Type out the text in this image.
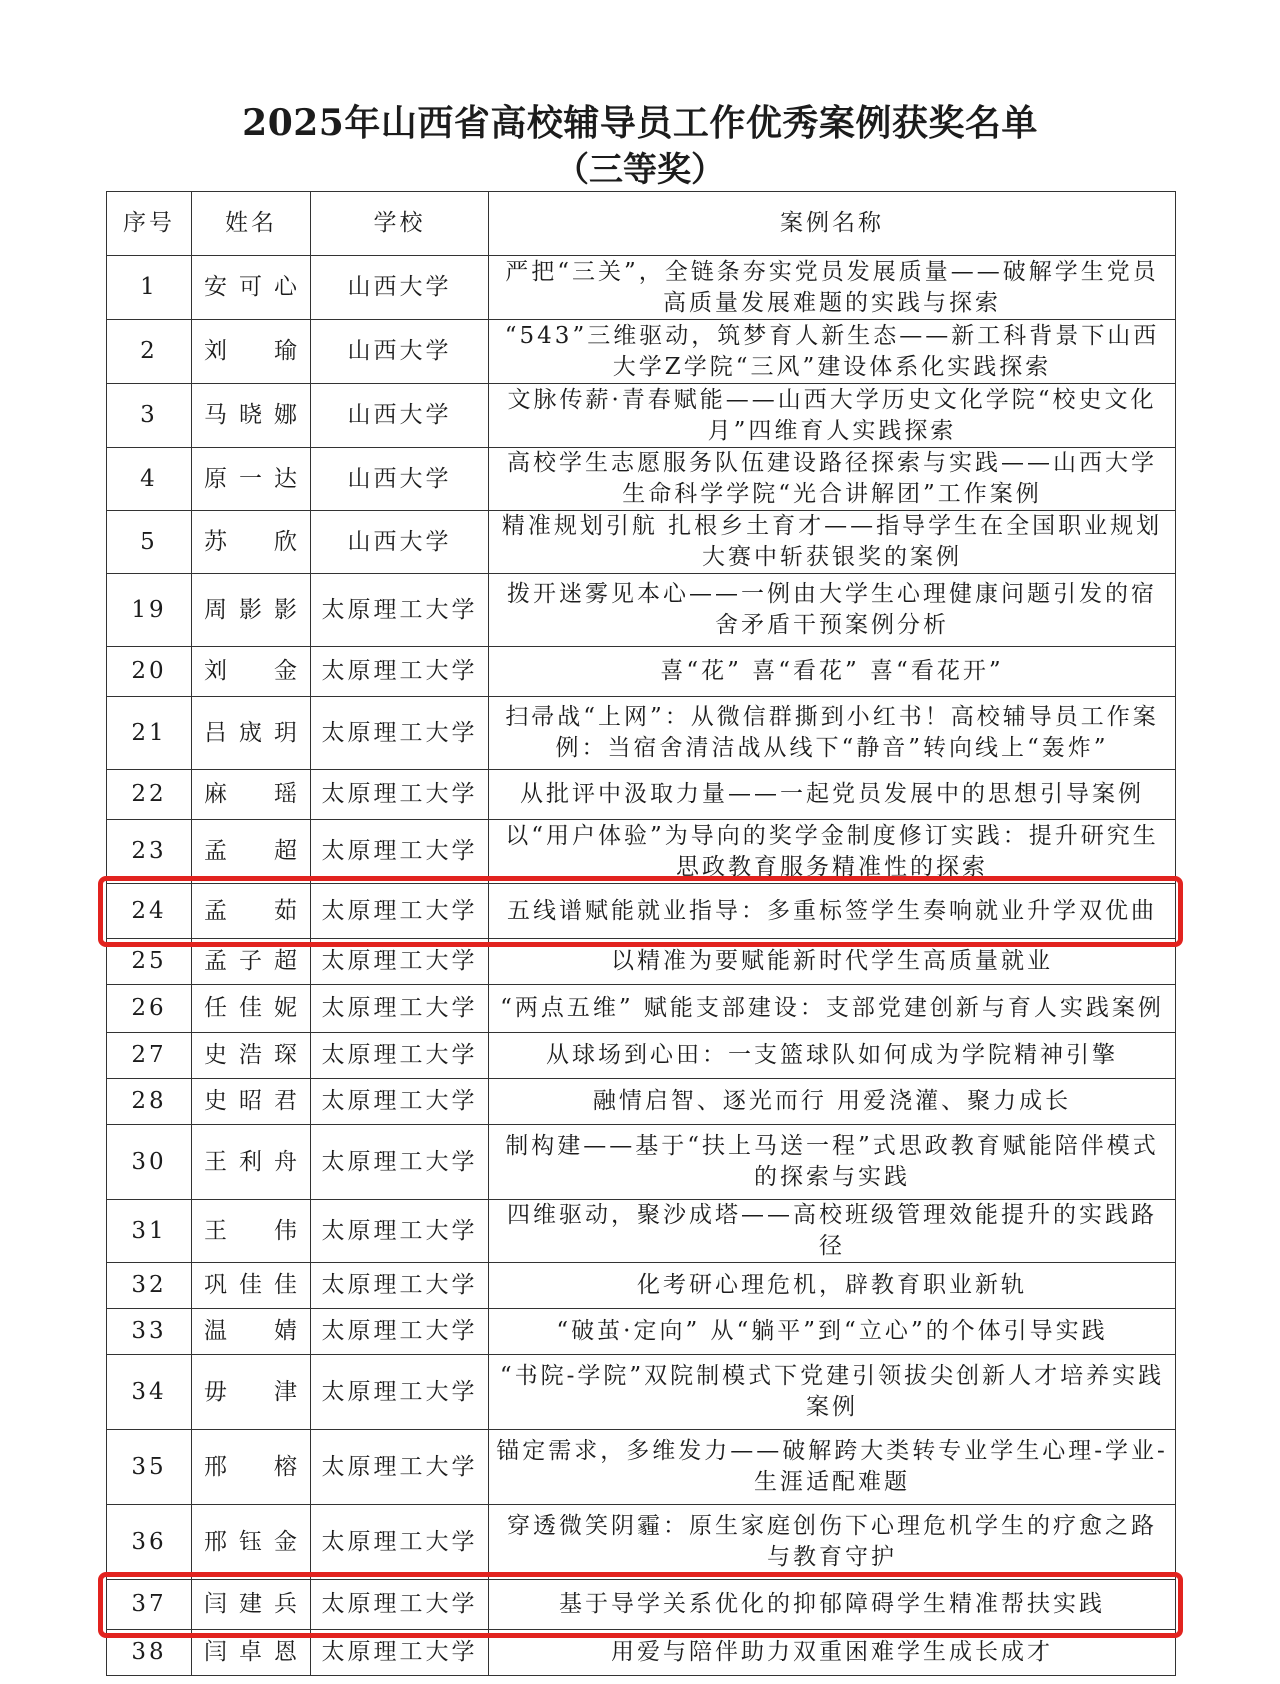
2025年山西省高校辅导员工作优秀案例获奖名单
（三等奖）
序号	姓名	学校	案例名称
1	安可心	山西大学	严把“三关”，全链条夯实党员发展质量——破解学生党员高质量发展难题的实践与探索
2	刘瑜	山西大学	“543”三维驱动，筑梦育人新生态——新工科背景下山西大学Z学院“三风”建设体系化实践探索
3	马晓娜	山西大学	文脉传薪·青春赋能——山西大学历史文化学院“校史文化月”四维育人实践探索
4	原一达	山西大学	高校学生志愿服务队伍建设路径探索与实践——山西大学生命科学学院“光合讲解团”工作案例
5	苏欣	山西大学	精准规划引航 扎根乡土育才——指导学生在全国职业规划大赛中斩获银奖的案例
19	周影影	太原理工大学	拨开迷雾见本心——一例由大学生心理健康问题引发的宿舍矛盾干预案例分析
20	刘金	太原理工大学	喜“花” 喜“看花” 喜“看花开”
21	吕宬玥	太原理工大学	扫帚战“上网”：从微信群撕到小红书！高校辅导员工作案例：当宿舍清洁战从线下“静音”转向线上“轰炸”
22	麻瑶	太原理工大学	从批评中汲取力量——一起党员发展中的思想引导案例
23	孟超	太原理工大学	以“用户体验”为导向的奖学金制度修订实践：提升研究生思政教育服务精准性的探索
24	孟茹	太原理工大学	五线谱赋能就业指导：多重标签学生奏响就业升学双优曲
25	孟子超	太原理工大学	以精准为要赋能新时代学生高质量就业
26	任佳妮	太原理工大学	“两点五维” 赋能支部建设：支部党建创新与育人实践案例
27	史浩琛	太原理工大学	从球场到心田：一支篮球队如何成为学院精神引擎
28	史昭君	太原理工大学	融情启智、逐光而行 用爱浇灌、聚力成长
30	王利舟	太原理工大学	制构建——基于“扶上马送一程”式思政教育赋能陪伴模式的探索与实践
31	王伟	太原理工大学	四维驱动，聚沙成塔——高校班级管理效能提升的实践路径
32	巩佳佳	太原理工大学	化考研心理危机，辟教育职业新轨
33	温婧	太原理工大学	“破茧·定向” 从“躺平”到“立心”的个体引导实践
34	毋津	太原理工大学	“书院-学院”双院制模式下党建引领拔尖创新人才培养实践案例
35	邢榕	太原理工大学	锚定需求，多维发力——破解跨大类转专业学生心理-学业-生涯适配难题
36	邢钰金	太原理工大学	穿透微笑阴霾：原生家庭创伤下心理危机学生的疗愈之路与教育守护
37	闫建兵	太原理工大学	基于导学关系优化的抑郁障碍学生精准帮扶实践
38	闫卓恩	太原理工大学	用爱与陪伴助力双重困难学生成长成才
